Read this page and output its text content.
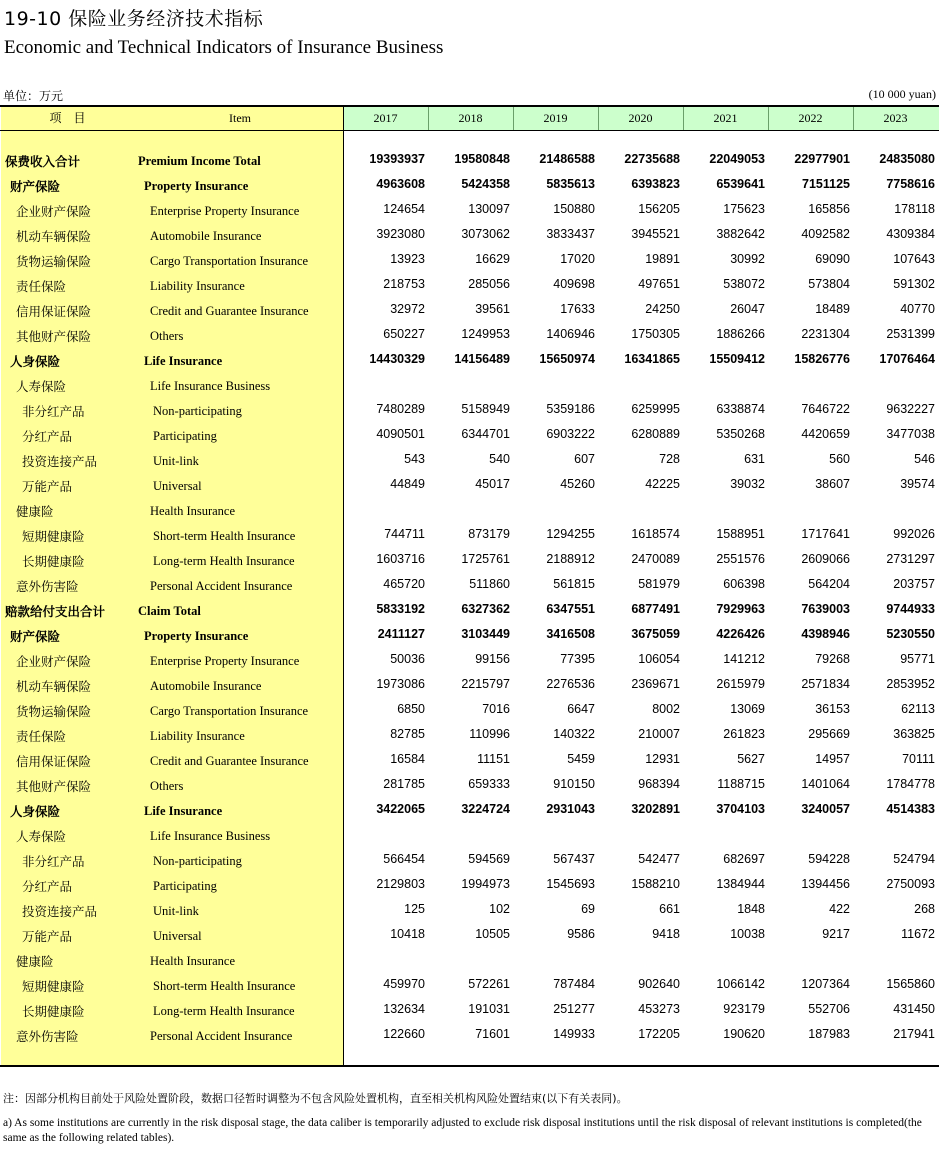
19-10 保险业务经济技术指标
Economic and Technical Indicators of Insurance Business
单位：万元	(10 000 yuan)
项　目	Item	2017	2018	2019	2020	2021	2022	2023
保费收入合计	Premium Income Total	19393937	19580848	21486588	22735688	22049053	22977901	24835080
财产保险	Property Insurance	4963608	5424358	5835613	6393823	6539641	7151125	7758616
企业财产保险	Enterprise Property Insurance	124654	130097	150880	156205	175623	165856	178118
机动车辆保险	Automobile Insurance	3923080	3073062	3833437	3945521	3882642	4092582	4309384
货物运输保险	Cargo Transportation Insurance	13923	16629	17020	19891	30992	69090	107643
责任保险	Liability Insurance	218753	285056	409698	497651	538072	573804	591302
信用保证保险	Credit and Guarantee Insurance	32972	39561	17633	24250	26047	18489	40770
其他财产保险	Others	650227	1249953	1406946	1750305	1886266	2231304	2531399
人身保险	Life Insurance	14430329	14156489	15650974	16341865	15509412	15826776	17076464
人寿保险	Life Insurance Business
非分红产品	Non-participating	7480289	5158949	5359186	6259995	6338874	7646722	9632227
分红产品	Participating	4090501	6344701	6903222	6280889	5350268	4420659	3477038
投资连接产品	Unit-link	543	540	607	728	631	560	546
万能产品	Universal	44849	45017	45260	42225	39032	38607	39574
健康险	Health Insurance
短期健康险	Short-term Health Insurance	744711	873179	1294255	1618574	1588951	1717641	992026
长期健康险	Long-term Health Insurance	1603716	1725761	2188912	2470089	2551576	2609066	2731297
意外伤害险	Personal Accident Insurance	465720	511860	561815	581979	606398	564204	203757
赔款给付支出合计	Claim Total	5833192	6327362	6347551	6877491	7929963	7639003	9744933
财产保险	Property Insurance	2411127	3103449	3416508	3675059	4226426	4398946	5230550
企业财产保险	Enterprise Property Insurance	50036	99156	77395	106054	141212	79268	95771
机动车辆保险	Automobile Insurance	1973086	2215797	2276536	2369671	2615979	2571834	2853952
货物运输保险	Cargo Transportation Insurance	6850	7016	6647	8002	13069	36153	62113
责任保险	Liability Insurance	82785	110996	140322	210007	261823	295669	363825
信用保证保险	Credit and Guarantee Insurance	16584	11151	5459	12931	5627	14957	70111
其他财产保险	Others	281785	659333	910150	968394	1188715	1401064	1784778
人身保险	Life Insurance	3422065	3224724	2931043	3202891	3704103	3240057	4514383
人寿保险	Life Insurance Business
非分红产品	Non-participating	566454	594569	567437	542477	682697	594228	524794
分红产品	Participating	2129803	1994973	1545693	1588210	1384944	1394456	2750093
投资连接产品	Unit-link	125	102	69	661	1848	422	268
万能产品	Universal	10418	10505	9586	9418	10038	9217	11672
健康险	Health Insurance
短期健康险	Short-term Health Insurance	459970	572261	787484	902640	1066142	1207364	1565860
长期健康险	Long-term Health Insurance	132634	191031	251277	453273	923179	552706	431450
意外伤害险	Personal Accident Insurance	122660	71601	149933	172205	190620	187983	217941
注：因部分机构目前处于风险处置阶段，数据口径暂时调整为不包含风险处置机构，直至相关机构风险处置结束(以下有关表同)。
a) As some institutions are currently in the risk disposal stage, the data caliber is temporarily adjusted to exclude risk disposal institutions until the risk disposal of relevant institutions is completed(the same as the following related tables).
